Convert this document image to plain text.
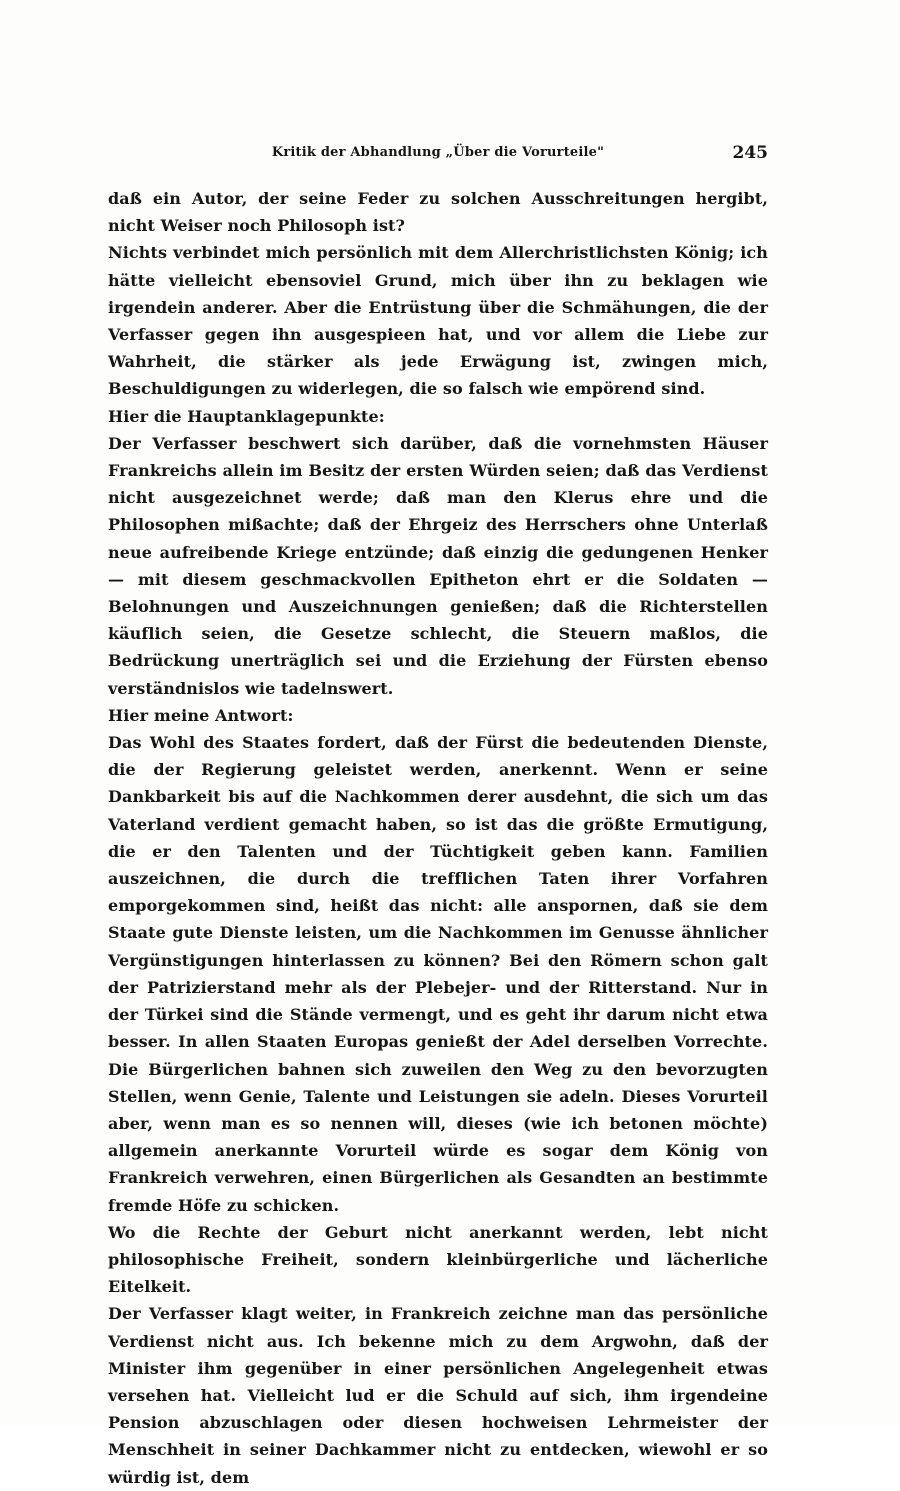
Kritik der Abhandlung „Über die Vorurteile"	245

daß ein Autor, der seine Feder zu solchen Ausschreitungen hergibt, nicht Weiser noch Philosoph ist?

Nichts verbindet mich persönlich mit dem Allerchristlichsten König; ich hätte vielleicht ebensoviel Grund, mich über ihn zu beklagen wie irgendein anderer. Aber die Entrüstung über die Schmähungen, die der Verfasser gegen ihn ausgespieen hat, und vor allem die Liebe zur Wahrheit, die stärker als jede Erwägung ist, zwingen mich, Beschuldigungen zu widerlegen, die so falsch wie empörend sind.

Hier die Hauptanklagepunkte:

Der Verfasser beschwert sich darüber, daß die vornehmsten Häuser Frankreichs allein im Besitz der ersten Würden seien; daß das Verdienst nicht ausgezeichnet werde; daß man den Klerus ehre und die Philosophen mißachte; daß der Ehrgeiz des Herrschers ohne Unterlaß neue aufreibende Kriege entzünde; daß einzig die gedungenen Henker — mit diesem geschmackvollen Epitheton ehrt er die Soldaten — Belohnungen und Auszeichnungen genießen; daß die Richterstellen käuflich seien, die Gesetze schlecht, die Steuern maßlos, die Bedrückung unerträglich sei und die Erziehung der Fürsten ebenso verständnislos wie tadelnswert.

Hier meine Antwort:

Das Wohl des Staates fordert, daß der Fürst die bedeutenden Dienste, die der Regierung geleistet werden, anerkennt. Wenn er seine Dankbarkeit bis auf die Nachkommen derer ausdehnt, die sich um das Vaterland verdient gemacht haben, so ist das die größte Ermutigung, die er den Talenten und der Tüchtigkeit geben kann. Familien auszeichnen, die durch die trefflichen Taten ihrer Vorfahren emporgekommen sind, heißt das nicht: alle anspornen, daß sie dem Staate gute Dienste leisten, um die Nachkommen im Genusse ähnlicher Vergünstigungen hinterlassen zu können? Bei den Römern schon galt der Patrizierstand mehr als der Plebejer- und der Ritterstand. Nur in der Türkei sind die Stände vermengt, und es geht ihr darum nicht etwa besser. In allen Staaten Europas genießt der Adel derselben Vorrechte. Die Bürgerlichen bahnen sich zuweilen den Weg zu den bevorzugten Stellen, wenn Genie, Talente und Leistungen sie adeln. Dieses Vorurteil aber, wenn man es so nennen will, dieses (wie ich betonen möchte) allgemein anerkannte Vorurteil würde es sogar dem König von Frankreich verwehren, einen Bürgerlichen als Gesandten an bestimmte fremde Höfe zu schicken.

Wo die Rechte der Geburt nicht anerkannt werden, lebt nicht philosophische Freiheit, sondern kleinbürgerliche und lächerliche Eitelkeit.

Der Verfasser klagt weiter, in Frankreich zeichne man das persönliche Verdienst nicht aus. Ich bekenne mich zu dem Argwohn, daß der Minister ihm gegenüber in einer persönlichen Angelegenheit etwas versehen hat. Vielleicht lud er die Schuld auf sich, ihm irgendeine Pension abzuschlagen oder diesen hochweisen Lehrmeister der Menschheit in seiner Dachkammer nicht zu entdecken, wiewohl er so würdig ist, dem
